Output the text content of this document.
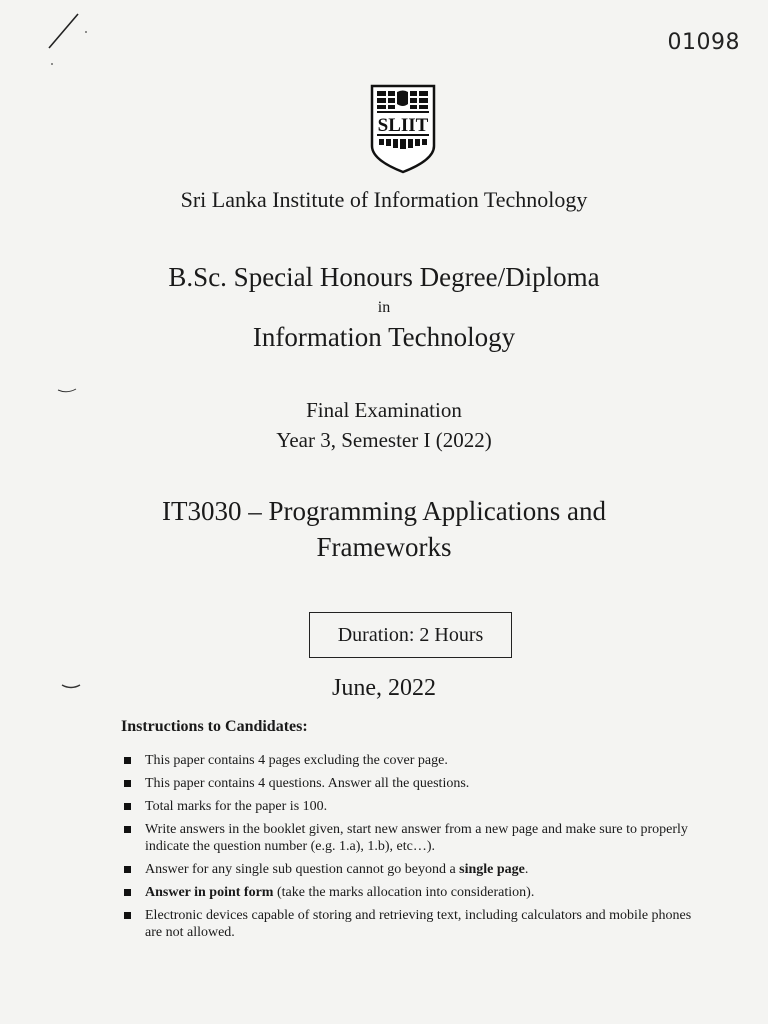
01098
SLIIT
Sri Lanka Institute of Information Technology
B.Sc. Special Honours Degree/Diploma
in
Information Technology
Final Examination
Year 3, Semester I (2022)
IT3030 – Programming Applications and
Frameworks
Duration: 2 Hours
June, 2022
Instructions to Candidates:
This paper contains 4 pages excluding the cover page.
This paper contains 4 questions. Answer all the questions.
Total marks for the paper is 100.
Write answers in the booklet given, start new answer from a new page and make sure to properly indicate the question number (e.g. 1.a), 1.b), etc…).
Answer for any single sub question cannot go beyond a single page.
Answer in point form (take the marks allocation into consideration).
Electronic devices capable of storing and retrieving text, including calculators and mobile phones are not allowed.
